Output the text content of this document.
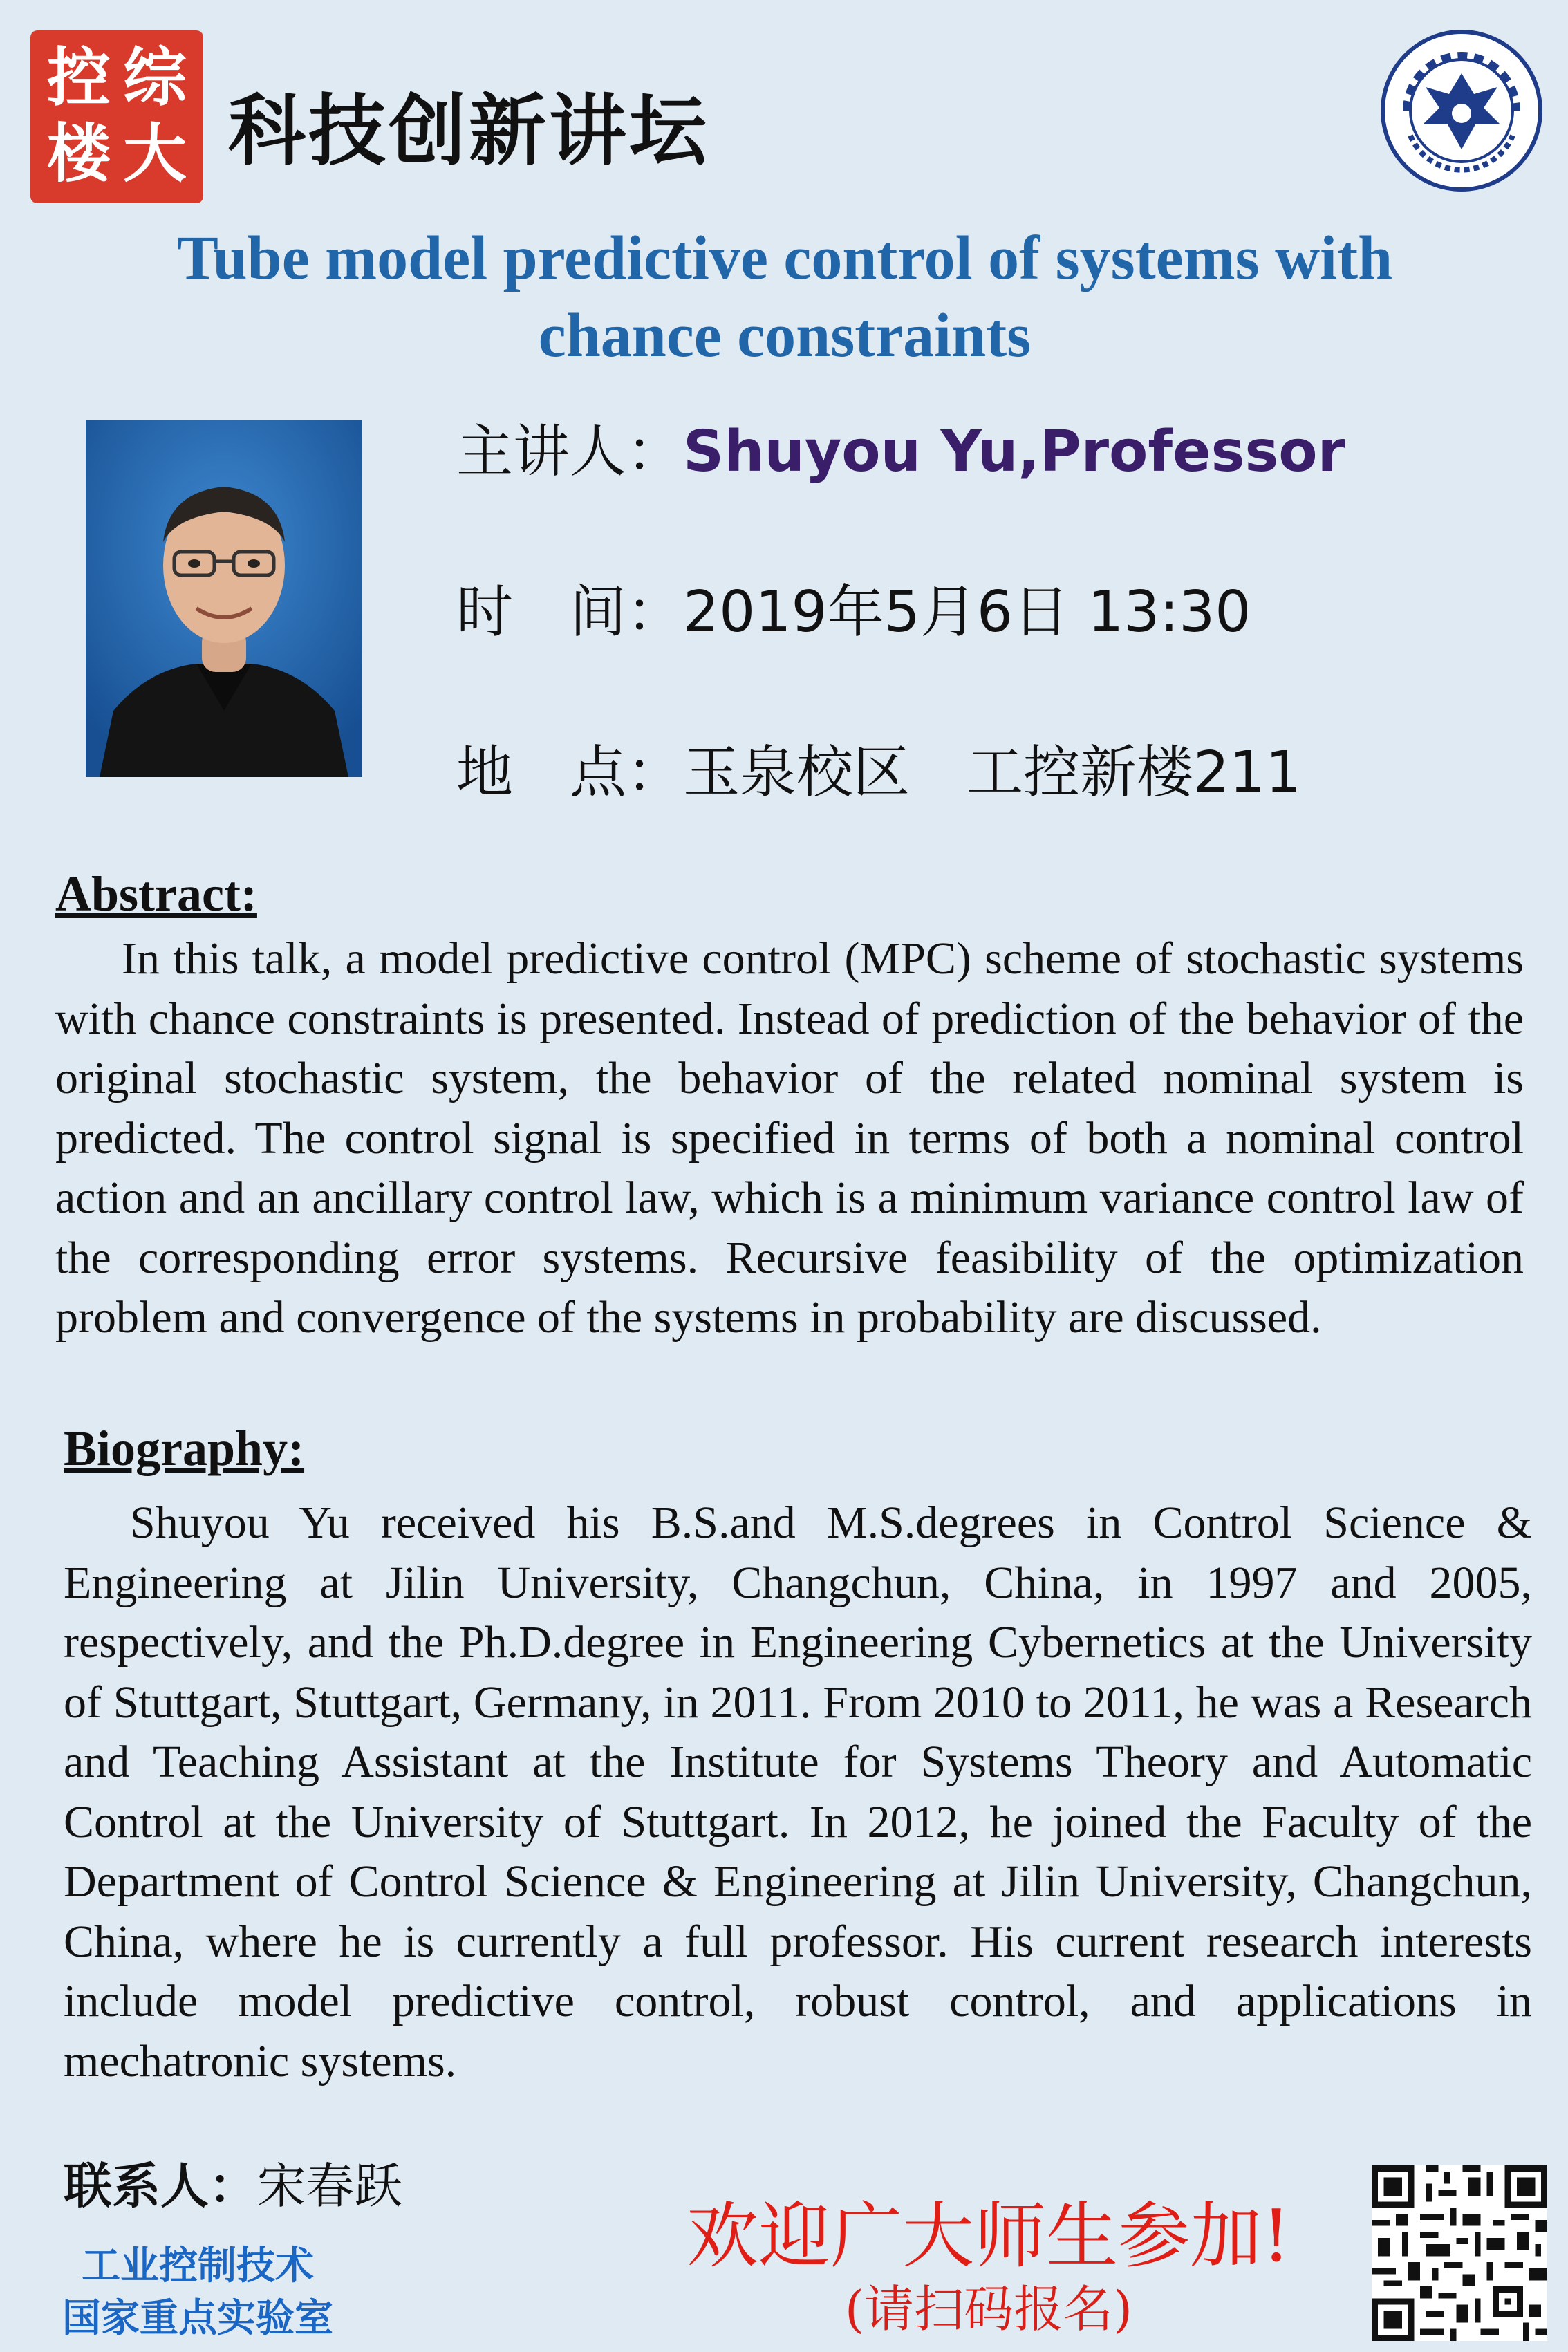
控 综
楼 大 科技创新讲坛
Tube model predictive control of systems with
chance constraints
主讲人：Shuyou Yu,Professor
时　间：2019年5月6日 13:30
地　点：玉泉校区　工控新楼211
Abstract:
In this talk, a model predictive control (MPC) scheme of stochastic systems with chance constraints is presented. Instead of prediction of the behavior of the original stochastic system, the behavior of the related nominal system is predicted. The control signal is specified in terms of both a nominal control action and an ancillary control law, which is a minimum variance control law of the corresponding error systems. Recursive feasibility of the optimization problem and convergence of the systems in probability are discussed.
Biography:
Shuyou Yu received his B.S.and M.S.degrees in Control Science & Engineering at Jilin University, Changchun, China, in 1997 and 2005, respectively, and the Ph.D.degree in Engineering Cybernetics at the University of Stuttgart, Stuttgart, Germany, in 2011. From 2010 to 2011, he was a Research and Teaching Assistant at the Institute for Systems Theory and Automatic Control at the University of Stuttgart. In 2012, he joined the Faculty of the Department of Control Science & Engineering at Jilin University, Changchun, China, where he is currently a full professor. His current research interests include model predictive control, robust control, and applications in mechatronic systems.
联系人：宋春跃
工业控制技术
国家重点实验室
欢迎广大师生参加!
(请扫码报名)
